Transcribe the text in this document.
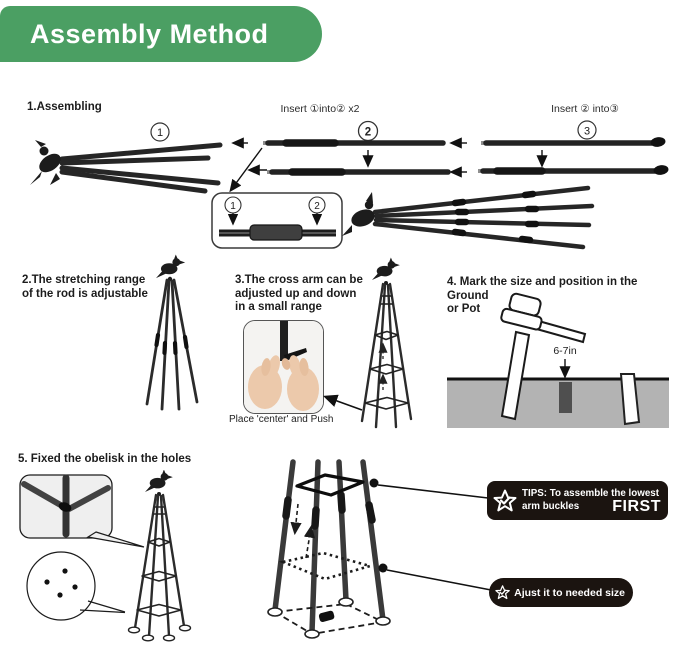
Assembly Method
1.Assembling
1
Insert ①into② x2
2
Insert ② into③
3
1	2
2.The stretching range
of the rod is adjustable
3.The cross arm can be
adjusted up and down
in a small range
Place 'center' and Push
4. Mark the size and position in the Ground
or Pot
6-7in
5. Fixed the obelisk in the holes
TIPS: To assemble the lowest
arm buckles FIRST
Ajust it to needed size
